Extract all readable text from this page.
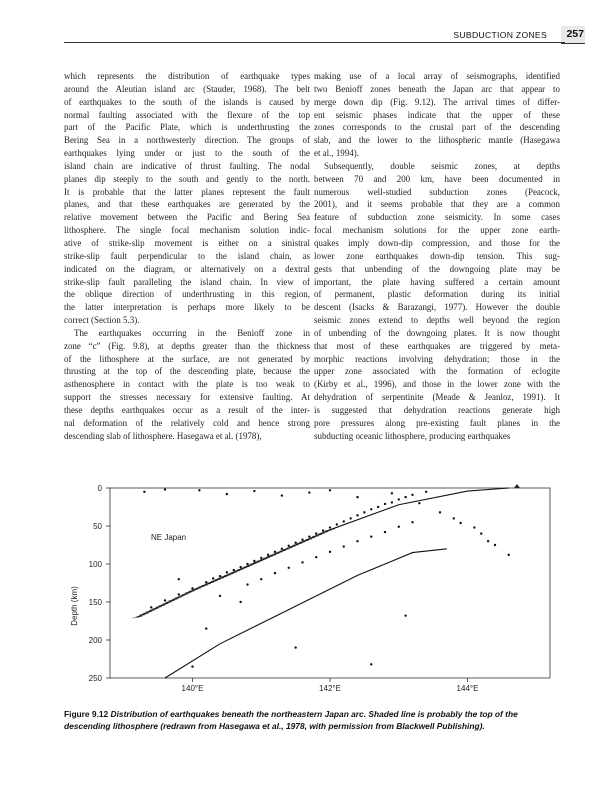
SUBDUCTION ZONES 257
which represents the distribution of earthquake types
around the Aleutian island arc (Stauder, 1968). The belt
of earthquakes to the south of the islands is caused by
normal faulting associated with the flexure of the top
part of the Pacific Plate, which is underthrusting the
Bering Sea in a northwesterly direction. The groups of
earthquakes lying under or just to the south of the
island chain are indicative of thrust faulting. The nodal
planes dip steeply to the south and gently to the north.
It is probable that the latter planes represent the fault
planes, and that these earthquakes are generated by the
relative movement between the Pacific and Bering Sea
lithosphere. The single focal mechanism solution indic-
ative of strike-slip movement is either on a sinistral
strike-slip fault perpendicular to the island chain, as
indicated on the diagram, or alternatively on a dextral
strike-slip fault paralleling the island chain. In view of
the oblique direction of underthrusting in this region,
the latter interpretation is perhaps more likely to be
correct (Section 5.3).
The earthquakes occurring in the Benioff zone in
zone “c” (Fig. 9.8), at depths greater than the thickness
of the lithosphere at the surface, are not generated by
thrusting at the top of the descending plate, because the
asthenosphere in contact with the plate is too weak to
support the stresses necessary for extensive faulting. At
these depths earthquakes occur as a result of the inter-
nal deformation of the relatively cold and hence strong
descending slab of lithosphere. Hasegawa et al. (1978),
making use of a local array of seismographs, identified
two Benioff zones beneath the Japan arc that appear to
merge down dip (Fig. 9.12). The arrival times of differ-
ent seismic phases indicate that the upper of these
zones corresponds to the crustal part of the descending
slab, and the lower to the lithospheric mantle (Hasegawa
et al., 1994).
Subsequently, double seismic zones, at depths
between 70 and 200 km, have been documented in
numerous well-studied subduction zones (Peacock,
2001), and it seems probable that they are a common
feature of subduction zone seismicity. In some cases
focal mechanism solutions for the upper zone earth-
quakes imply down-dip compression, and those for the
lower zone earthquakes down-dip tension. This sug-
gests that unbending of the downgoing plate may be
important, the plate having suffered a certain amount
of permanent, plastic deformation during its initial
descent (Isacks & Barazangi, 1977). However the double
seismic zones extend to depths well beyond the region
of unbending of the downgoing plates. It is now thought
that most of these earthquakes are triggered by meta-
morphic reactions involving dehydration; those in the
upper zone associated with the formation of eclogite
(Kirby et al., 1996), and those in the lower zone with the
dehydration of serpentinite (Meade & Jeanloz, 1991). It
is suggested that dehydration reactions generate high
pore pressures along pre-existing fault planes in the
subducting oceanic lithosphere, producing earthquakes
0
50
100
150
200
250
140°E	142°E	144°E
NE Japan
Depth (km)
Figure 9.12 Distribution of earthquakes beneath the northeastern Japan arc. Shaded line is probably the top of the descending lithosphere (redrawn from Hasegawa et al., 1978, with permission from Blackwell Publishing).
